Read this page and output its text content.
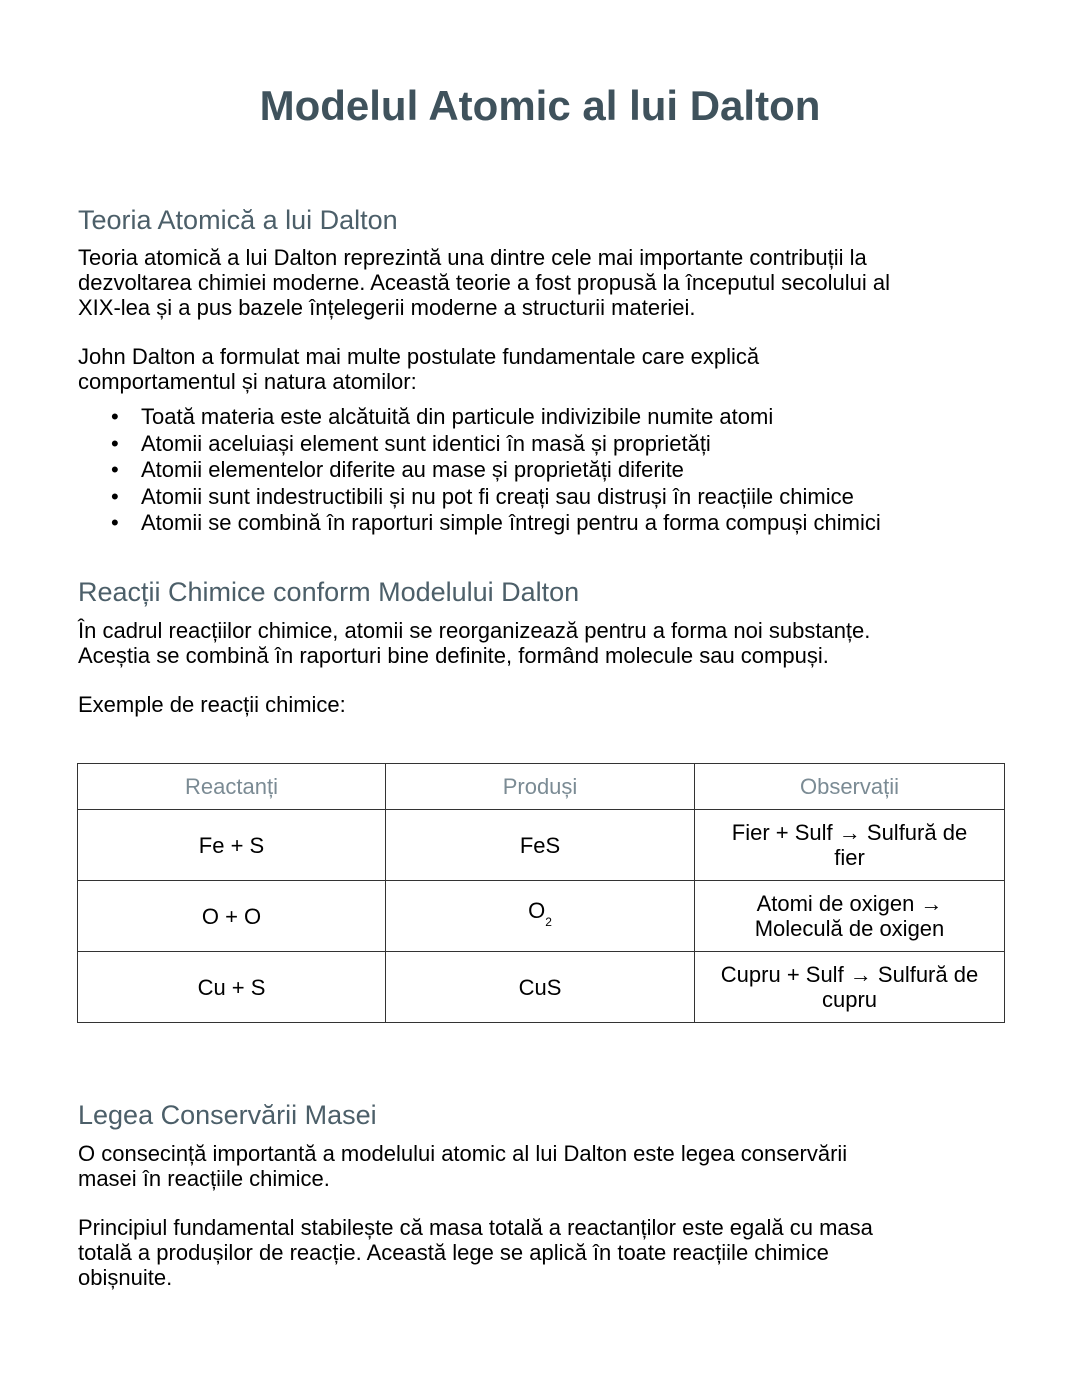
Modelul Atomic al lui Dalton
Teoria Atomică a lui Dalton

Teoria atomică a lui Dalton reprezintă una dintre cele mai importante contribuții la
dezvoltarea chimiei moderne. Această teorie a fost propusă la începutul secolului al
XIX-lea și a pus bazele înțelegerii moderne a structurii materiei.

John Dalton a formulat mai multe postulate fundamentale care explică
comportamentul și natura atomilor:

• Toată materia este alcătuită din particule indivizibile numite atomi
• Atomii aceluiași element sunt identici în masă și proprietăți
• Atomii elementelor diferite au mase și proprietăți diferite
• Atomii sunt indestructibili și nu pot fi creați sau distruși în reacțiile chimice
• Atomii se combină în raporturi simple întregi pentru a forma compuși chimici
Reacții Chimice conform Modelului Dalton

În cadrul reacțiilor chimice, atomii se reorganizează pentru a forma noi substanțe.
Aceștia se combină în raporturi bine definite, formând molecule sau compuși.

Exemple de reacții chimice:

Reactanți	Produși	Observații
Fe + S	FeS	Fier + Sulf → Sulfură de
fier
O + O	$O_2$	Atomi de oxigen →
Moleculă de oxigen
Cu + S	CuS	Cupru + Sulf → Sulfură de
cupru
Legea Conservării Masei

O consecință importantă a modelului atomic al lui Dalton este legea conservării
masei în reacțiile chimice.

Principiul fundamental stabilește că masa totală a reactanților este egală cu masa
totală a produșilor de reacție. Această lege se aplică în toate reacțiile chimice
obișnuite.
